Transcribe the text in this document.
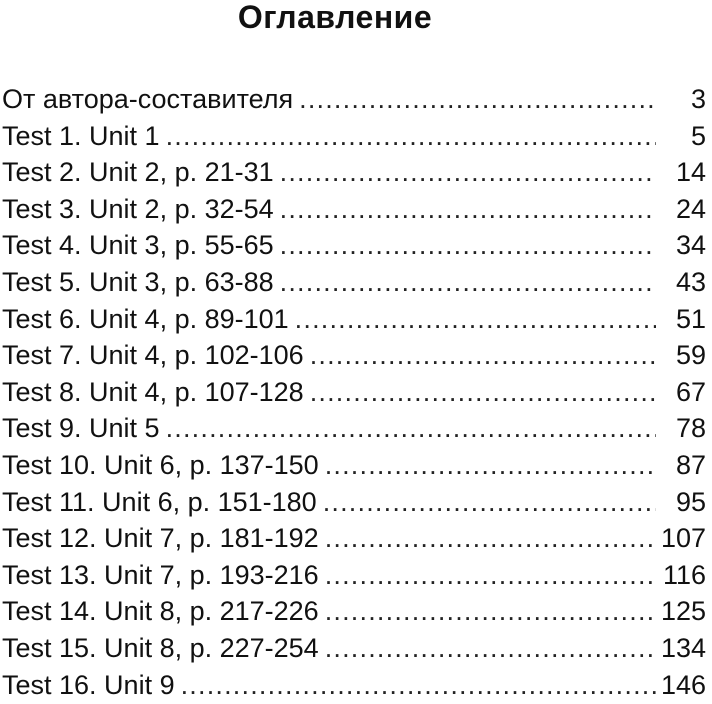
Оглавление
От автора-составителя .....	3
Test 1. Unit 1 .....	5
Test 2. Unit 2, p. 21-31 .....	14
Test 3. Unit 2, p. 32-54 .....	24
Test 4. Unit 3, p. 55-65 .....	34
Test 5. Unit 3, p. 63-88 .....	43
Test 6. Unit 4, p. 89-101 .....	51
Test 7. Unit 4, p. 102-106 .....	59
Test 8. Unit 4, p. 107-128 .....	67
Test 9. Unit 5 .....	78
Test 10. Unit 6, p. 137-150 .....	87
Test 11. Unit 6, p. 151-180 .....	95
Test 12. Unit 7, p. 181-192 .....	107
Test 13. Unit 7, p. 193-216 .....	116
Test 14. Unit 8, p. 217-226 .....	125
Test 15. Unit 8, p. 227-254 .....	134
Test 16. Unit 9 .....	146
